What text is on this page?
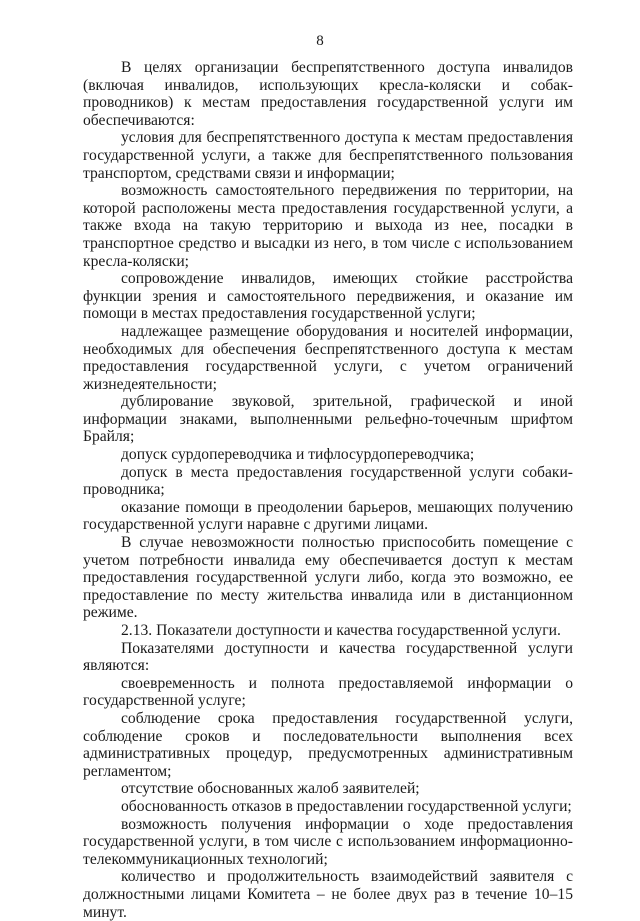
8

В целях организации беспрепятственного доступа инвалидов (включая инвалидов, использующих кресла-коляски и собак-проводников) к местам предоставления государственной услуги им обеспечиваются:

условия для беспрепятственного доступа к местам предоставления государственной услуги, а также для беспрепятственного пользования транспортом, средствами связи и информации;

возможность самостоятельного передвижения по территории, на которой расположены места предоставления государственной услуги, а также входа на такую территорию и выхода из нее, посадки в транспортное средство и высадки из него, в том числе с использованием кресла-коляски;

сопровождение инвалидов, имеющих стойкие расстройства функции зрения и самостоятельного передвижения, и оказание им помощи в местах предоставления государственной услуги;

надлежащее размещение оборудования и носителей информации, необходимых для обеспечения беспрепятственного доступа к местам предоставления государственной услуги, с учетом ограничений жизнедеятельности;

дублирование звуковой, зрительной, графической и иной информации знаками, выполненными рельефно-точечным шрифтом Брайля;

допуск сурдопереводчика и тифлосурдопереводчика;

допуск в места предоставления государственной услуги собаки-проводника;

оказание помощи в преодолении барьеров, мешающих получению государственной услуги наравне с другими лицами.

В случае невозможности полностью приспособить помещение с учетом потребности инвалида ему обеспечивается доступ к местам предоставления государственной услуги либо, когда это возможно, ее предоставление по месту жительства инвалида или в дистанционном режиме.

2.13. Показатели доступности и качества государственной услуги.

Показателями доступности и качества государственной услуги являются:

своевременность и полнота предоставляемой информации о государственной услуге;

соблюдение срока предоставления государственной услуги, соблюдение сроков и последовательности выполнения всех административных процедур, предусмотренных административным регламентом;

отсутствие обоснованных жалоб заявителей;

обоснованность отказов в предоставлении государственной услуги;

возможность получения информации о ходе предоставления государственной услуги, в том числе с использованием информационно-телекоммуникационных технологий;

количество и продолжительность взаимодействий заявителя с должностными лицами Комитета – не более двух раз в течение 10–15 минут.
